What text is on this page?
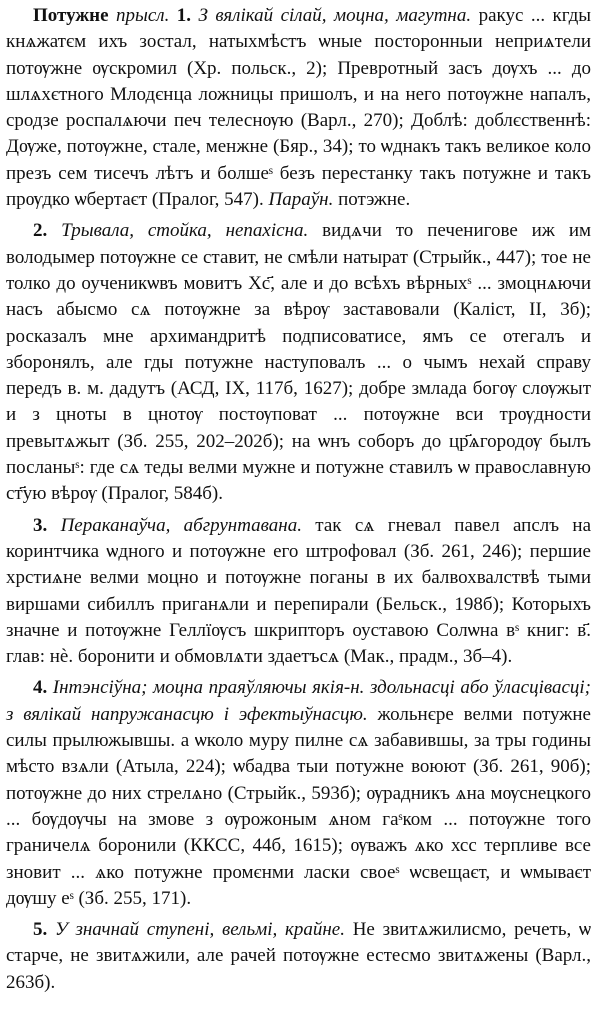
Потужне прысл. 1. З вялікай сілай, моцна, магутна. ракус ... кгды кнѧжатєм ихъ зостал, натыхмѣстъ ѡные посторонныи неприѧтели потѹжне ѹскромил (Хр. польск., 2); Превротный засъ дѹхъ ... до шлѧхєтного Млодєнца ложницы пришолъ, и на него потѹжне напалъ, сродзе роспалѧючи печ телеснѹю (Варл., 270); Доблѣ: доблєственнѣ: Дѹже, потѹжне, стале, менжне (Бяр., 34); то ѡднакъ такъ великое коло презъ сем тисечъ лѣтъ и болшеˢ безъ перестанку такъ потужне и такъ прѹдко ѡбертаєт (Пралог, 547). Параўн. потэжне.

2. Трывала, стойка, непахісна. видѧчи то печенигове иж им володымер потѹжне се ставит, не смѣли натырат (Стрыйк., 447); тое не толко до оученикѡвъ мовитъ Хс҃, але и до всѣхъ вѣрныхˢ ... змоцнѧючи насъ абысмо сѧ потѹжне за вѣрѹ заставовали (Каліст, II, 3б); росказалъ мне архимандритѣ подписоватисе, ямъ се отегалъ и зборонялъ, але гды потужне наступовалъ ... о чымъ нехай справу передъ в. м. дадутъ (АСД, IX, 117б, 1627); добре змлада богѹ слѹжыт и з цноты в цнотѹ постѹповат ... потѹжне вси трѹдности превытѧжыт (Зб. 255, 202–202б); на ѡнъ соборъ до цр҃ѧгородѹ былъ посланыˢ: где сѧ теды велми мужне и потужне ставилъ ѡ православную ст҃ую вѣрѹ (Пралог, 584б).

3. Пераканаўча, абгрунтавана. так сѧ гневал павел апслъ на коринтчика ѡдного и потѹжне его штрофовал (Зб. 261, 246); першие хрстиѧне велми моцно и потѹжне поганы в их балвохвалствѣ тыми виршами сибиллъ приганѧли и перепирали (Бельск., 198б); Которыхъ значне и потѹжне Геллїѹсъ шкрипторъ оуставою Солѡна вˢ книг: в҃. глав: нѐ. боронити и обмовлѧти здаетъсѧ (Мак., прадм., 3б–4).

4. Інтэнсіўна; моцна праяўляючы якія-н. здольнасці або ўласцівасці; з вялікай напружанасцю і эфектыўнасцю. жольнєре велми потужне силы прылюжывшы. а ѡколо муру пилне сѧ забавившы, за тры годины мѣсто взѧли (Атыла, 224); ѡбадва тыи потужне воюют (Зб. 261, 90б); потѹжне до них стрелѧно (Стрыйк., 593б); ѹрадникъ ѧна мѹснецкого ... бѹдѹчы на змове з ѹрожоным ѧном гаˢком ... потѹжне того граничелѧ боронили (ККСС, 44б, 1615); ѹважъ ѧко хсс терпливе все зновит ... ѧко потужне промєнми ласки своеˢ ѡсвещаєт, и ѡмываєт дѹшу еˢ (Зб. 255, 171).

5. У значнай ступені, вельмі, крайне. Не звитѧжилисмо, речеть, ѡ старче, не звитѧжили, але рачей потѹжне естесмо звитѧжены (Варл., 263б).
